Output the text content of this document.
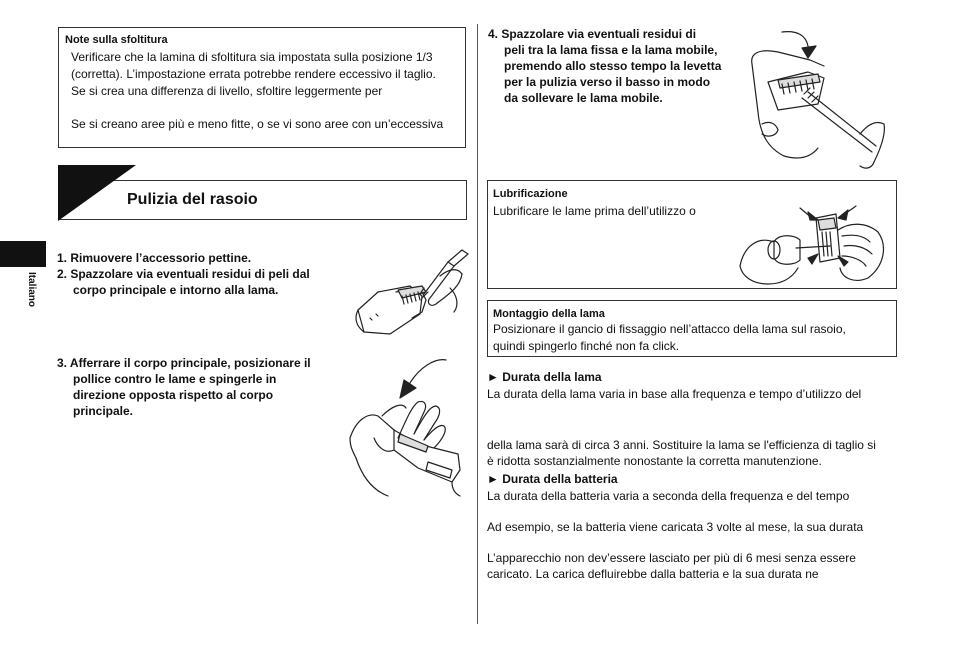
Note sulla sfoltitura
Verificare che la lamina di sfoltitura sia impostata sulla posizione 1/3
(corretta). L’impostazione errata potrebbe rendere eccessivo il taglio.
Se si crea una differenza di livello, sfoltire leggermente per
Se si creano aree più e meno fitte, o se vi sono aree con un’eccessiva
Pulizia del rasoio
Italiano
1. Rimuovere l’accessorio pettine.
2. Spazzolare via eventuali residui di peli dal
corpo principale e intorno alla lama.
3. Afferrare il corpo principale, posizionare il
pollice contro le lame e spingerle in
direzione opposta rispetto al corpo
principale.
4. Spazzolare via eventuali residui di
peli tra la lama fissa e la lama mobile,
premendo allo stesso tempo la levetta
per la pulizia verso il basso in modo
da sollevare le lama mobile.
Lubrificazione
Lubrificare le lame prima dell’utilizzo o
Montaggio della lama
Posizionare il gancio di fissaggio nell’attacco della lama sul rasoio,
quindi spingerlo finché non fa click.
► Durata della lama
La durata della lama varia in base alla frequenza e tempo d’utilizzo del
della lama sarà di circa 3 anni. Sostituire la lama se l'efficienza di taglio si
è ridotta sostanzialmente nonostante la corretta manutenzione.
► Durata della batteria
La durata della batteria varia a seconda della frequenza e del tempo
Ad esempio, se la batteria viene caricata 3 volte al mese, la sua durata
L’apparecchio non dev’essere lasciato per più di 6 mesi senza essere
caricato. La carica defluirebbe dalla batteria e la sua durata ne
